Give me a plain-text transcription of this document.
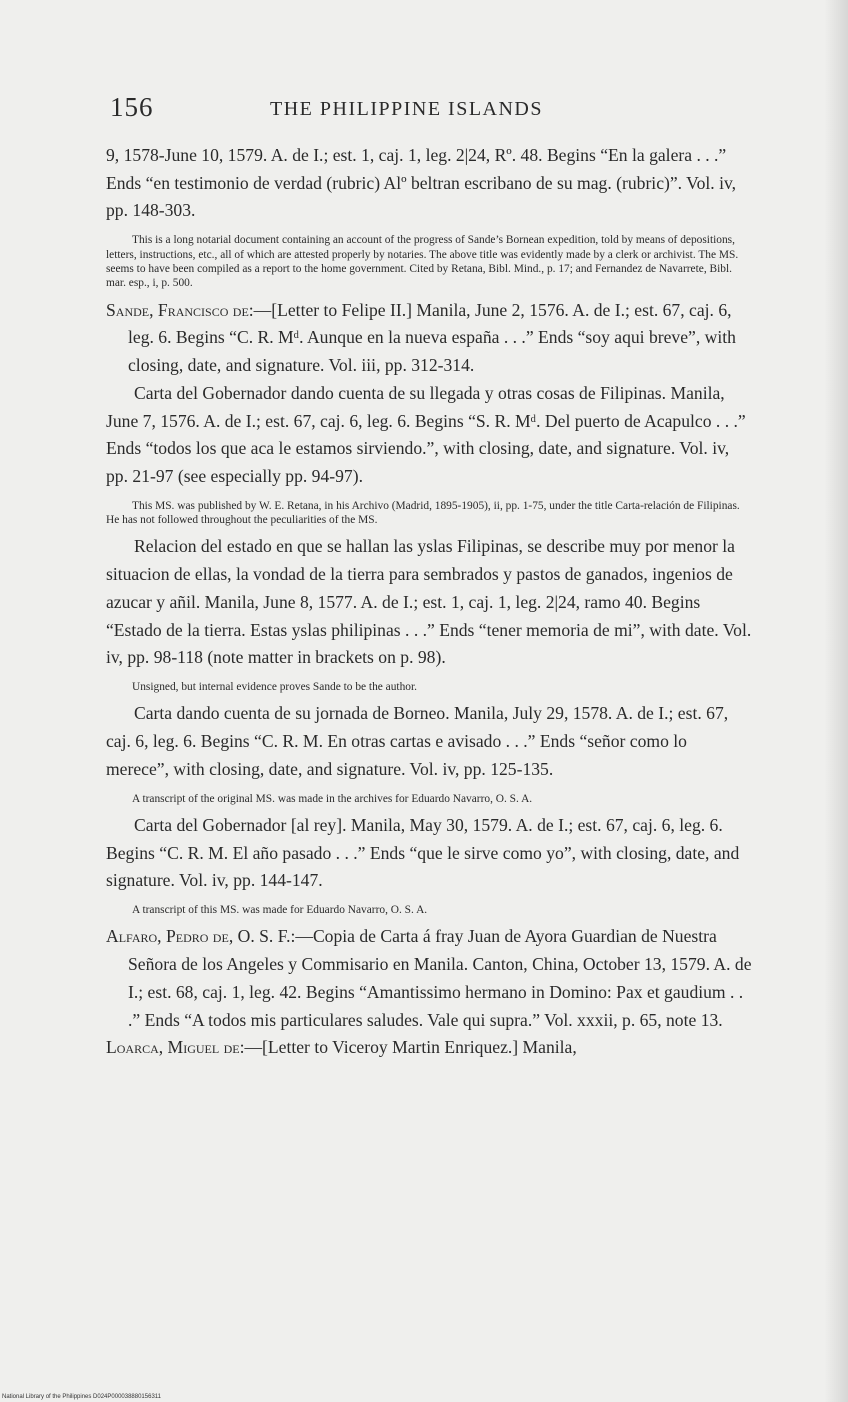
156	THE PHILIPPINE ISLANDS

9, 1578-June 10, 1579. A. de I.; est. 1, caj. 1, leg. 2|24, Rº. 48. Begins “En la galera . . .” Ends “en testimonio de verdad (rubric) Alº beltran escribano de su mag. (rubric)”. Vol. iv, pp. 148-303.

This is a long notarial document containing an account of the progress of Sande’s Bornean expedition, told by means of depositions, letters, instructions, etc., all of which are attested properly by notaries. The above title was evidently made by a clerk or archivist. The MS. seems to have been compiled as a report to the home government. Cited by Retana, Bibl. Mind., p. 17; and Fernandez de Navarrete, Bibl. mar. esp., i, p. 500.

Sande, Francisco de:—[Letter to Felipe II.] Manila, June 2, 1576. A. de I.; est. 67, caj. 6, leg. 6. Begins “C. R. Mᵈ. Aunque en la nueva españa . . .” Ends “soy aqui breve”, with closing, date, and signature. Vol. iii, pp. 312-314.

Carta del Gobernador dando cuenta de su llegada y otras cosas de Filipinas. Manila, June 7, 1576. A. de I.; est. 67, caj. 6, leg. 6. Begins “S. R. Mᵈ. Del puerto de Acapulco . . .” Ends “todos los que aca le estamos sirviendo.”, with closing, date, and signature. Vol. iv, pp. 21-97 (see especially pp. 94-97).

This MS. was published by W. E. Retana, in his Archivo (Madrid, 1895-1905), ii, pp. 1-75, under the title Carta-relación de Filipinas. He has not followed throughout the peculiarities of the MS.

Relacion del estado en que se hallan las yslas Filipinas, se describe muy por menor la situacion de ellas, la vondad de la tierra para sembrados y pastos de ganados, ingenios de azucar y añil. Manila, June 8, 1577. A. de I.; est. 1, caj. 1, leg. 2|24, ramo 40. Begins “Estado de la tierra. Estas yslas philipinas . . .” Ends “tener memoria de mi”, with date. Vol. iv, pp. 98-118 (note matter in brackets on p. 98).

Unsigned, but internal evidence proves Sande to be the author.

Carta dando cuenta de su jornada de Borneo. Manila, July 29, 1578. A. de I.; est. 67, caj. 6, leg. 6. Begins “C. R. M. En otras cartas e avisado . . .” Ends “señor como lo merece”, with closing, date, and signature. Vol. iv, pp. 125-135.

A transcript of the original MS. was made in the archives for Eduardo Navarro, O. S. A.

Carta del Gobernador [al rey]. Manila, May 30, 1579. A. de I.; est. 67, caj. 6, leg. 6. Begins “C. R. M. El año pasado . . .” Ends “que le sirve como yo”, with closing, date, and signature. Vol. iv, pp. 144-147.

A transcript of this MS. was made for Eduardo Navarro, O. S. A.

Alfaro, Pedro de, O. S. F.:—Copia de Carta á fray Juan de Ayora Guardian de Nuestra Señora de los Angeles y Commisario en Manila. Canton, China, October 13, 1579. A. de I.; est. 68, caj. 1, leg. 42. Begins “Amantissimo hermano in Domino: Pax et gaudium . . .” Ends “A todos mis particulares saludes. Vale qui supra.” Vol. xxxii, p. 65, note 13.

Loarca, Miguel de:—[Letter to Viceroy Martin Enriquez.] Manila,

National Library of the Philippines D024P000038880156311
